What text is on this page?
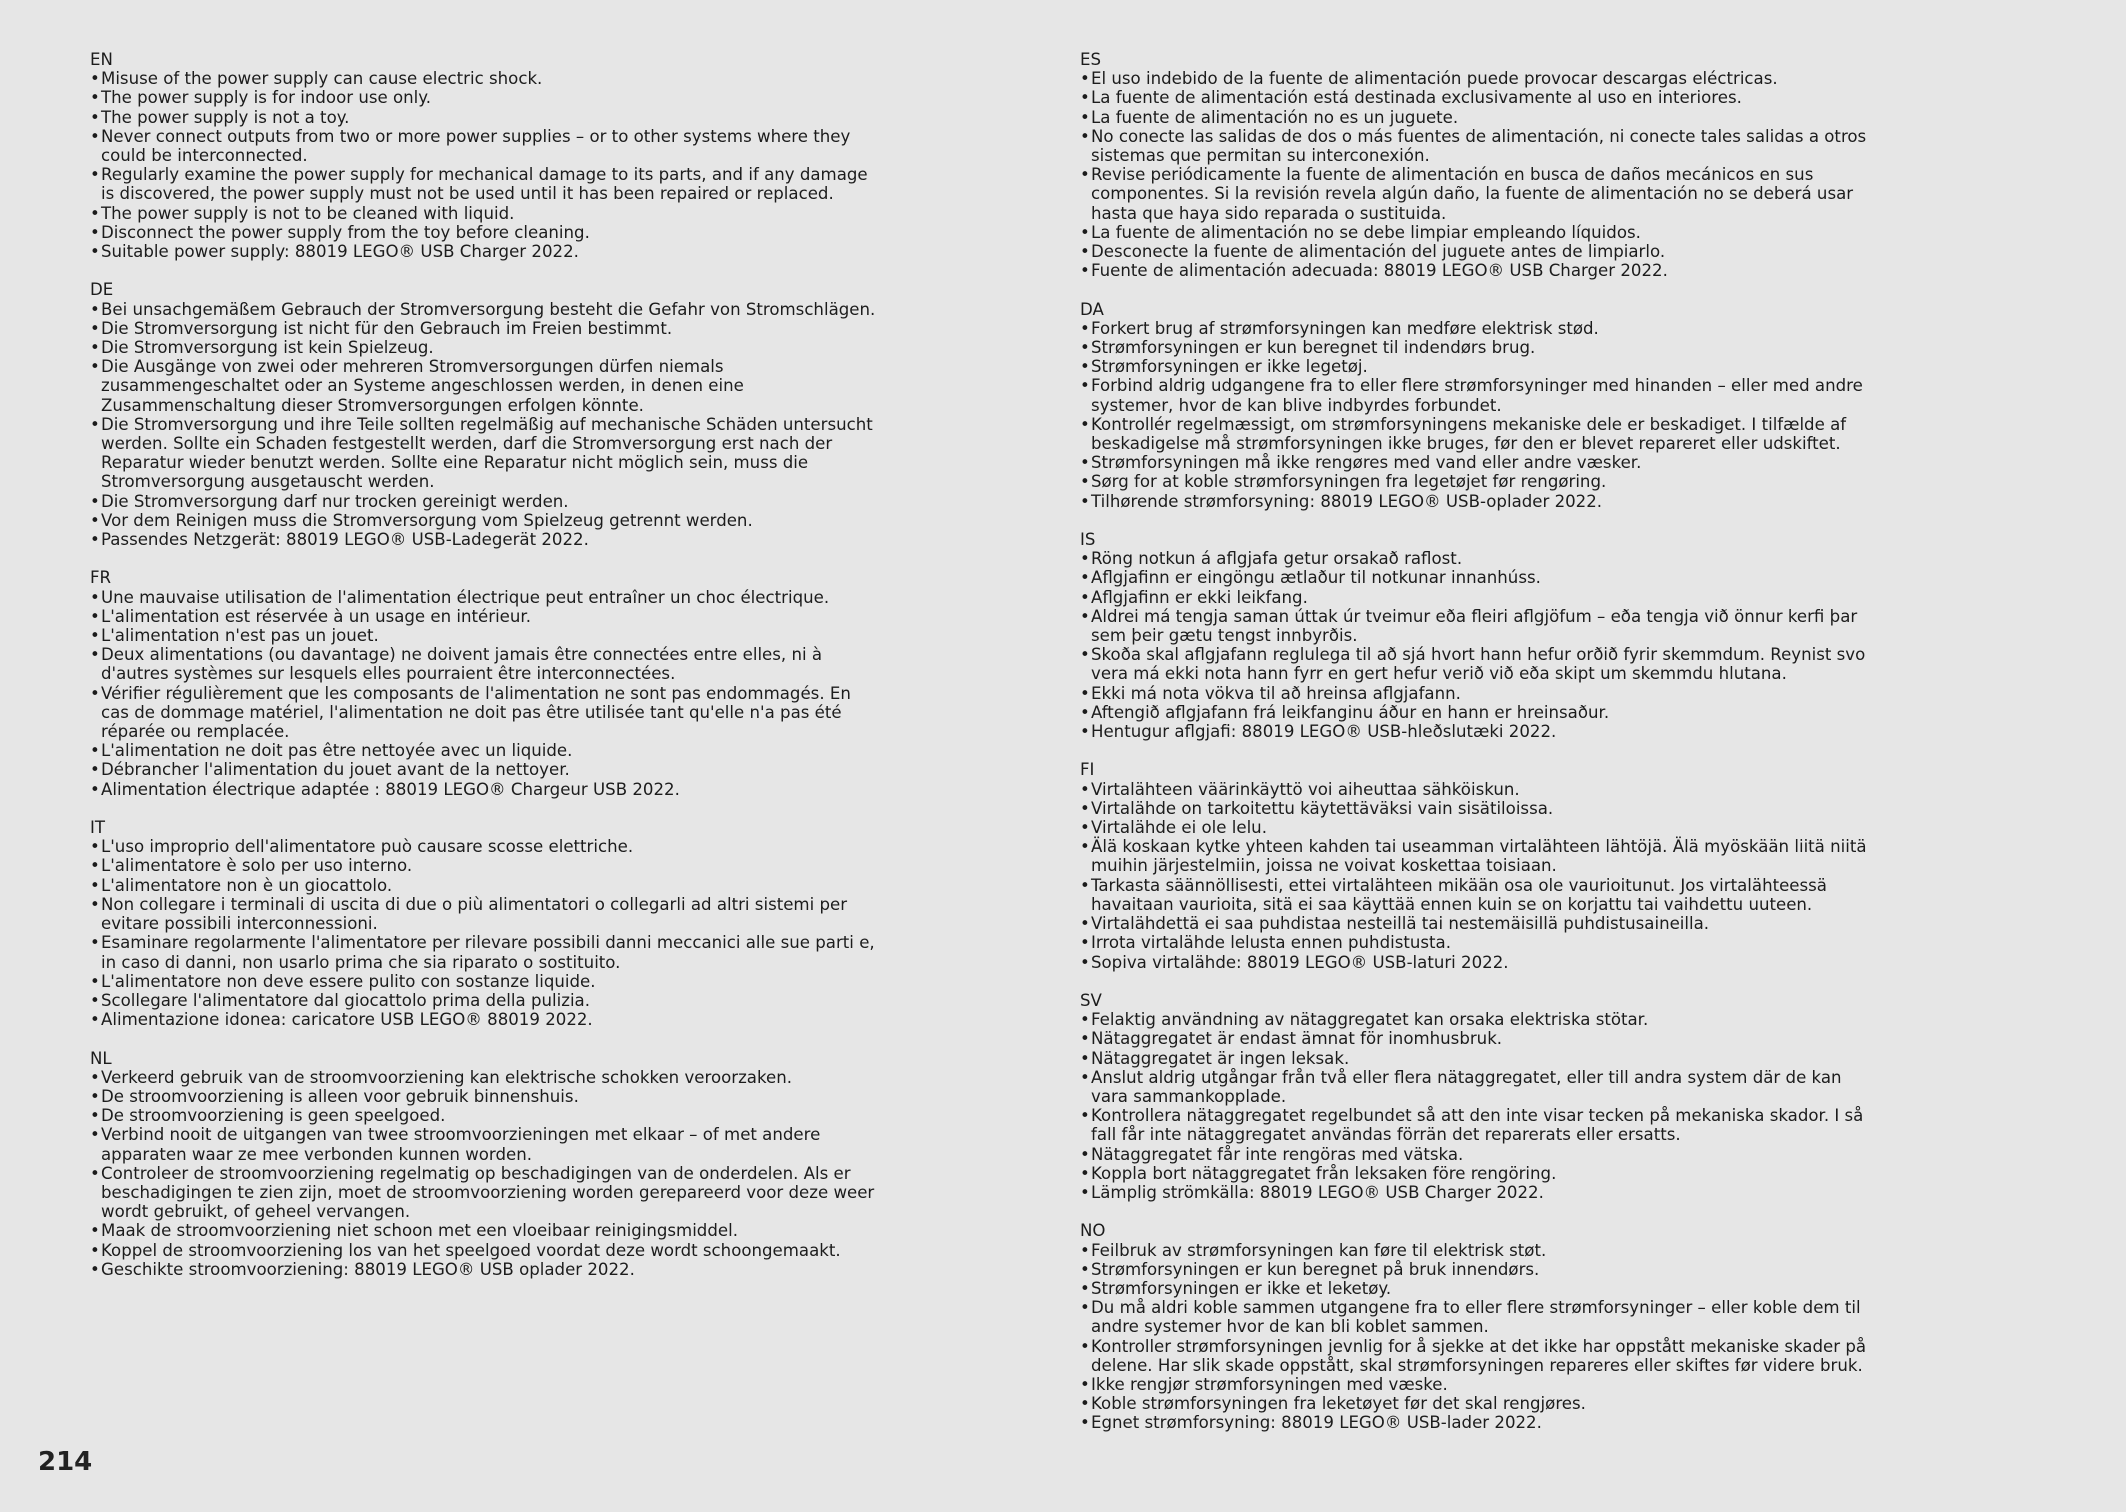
EN
• Misuse of the power supply can cause electric shock.
• The power supply is for indoor use only.
• The power supply is not a toy.
• Never connect outputs from two or more power supplies – or to other systems where they could be interconnected.
• Regularly examine the power supply for mechanical damage to its parts, and if any damage is discovered, the power supply must not be used until it has been repaired or replaced.
• The power supply is not to be cleaned with liquid.
• Disconnect the power supply from the toy before cleaning.
• Suitable power supply: 88019 LEGO® USB Charger 2022.
DE
• Bei unsachgemäßem Gebrauch der Stromversorgung besteht die Gefahr von Stromschlägen.
• Die Stromversorgung ist nicht für den Gebrauch im Freien bestimmt.
• Die Stromversorgung ist kein Spielzeug.
• Die Ausgänge von zwei oder mehreren Stromversorgungen dürfen niemals zusammengeschaltet oder an Systeme angeschlossen werden, in denen eine Zusammenschaltung dieser Stromversorgungen erfolgen könnte.
• Die Stromversorgung und ihre Teile sollten regelmäßig auf mechanische Schäden untersucht werden. Sollte ein Schaden festgestellt werden, darf die Stromversorgung erst nach der Reparatur wieder benutzt werden. Sollte eine Reparatur nicht möglich sein, muss die Stromversorgung ausgetauscht werden.
• Die Stromversorgung darf nur trocken gereinigt werden.
• Vor dem Reinigen muss die Stromversorgung vom Spielzeug getrennt werden.
• Passendes Netzgerät: 88019 LEGO® USB-Ladegerät 2022.
FR
• Une mauvaise utilisation de l'alimentation électrique peut entraîner un choc électrique.
• L'alimentation est réservée à un usage en intérieur.
• L'alimentation n'est pas un jouet.
• Deux alimentations (ou davantage) ne doivent jamais être connectées entre elles, ni à d'autres systèmes sur lesquels elles pourraient être interconnectées.
• Vérifier régulièrement que les composants de l'alimentation ne sont pas endommagés. En cas de dommage matériel, l'alimentation ne doit pas être utilisée tant qu'elle n'a pas été réparée ou remplacée.
• L'alimentation ne doit pas être nettoyée avec un liquide.
• Débrancher l'alimentation du jouet avant de la nettoyer.
• Alimentation électrique adaptée : 88019 LEGO® Chargeur USB 2022.
IT
• L'uso improprio dell'alimentatore può causare scosse elettriche.
• L'alimentatore è solo per uso interno.
• L'alimentatore non è un giocattolo.
• Non collegare i terminali di uscita di due o più alimentatori o collegarli ad altri sistemi per evitare possibili interconnessioni.
• Esaminare regolarmente l'alimentatore per rilevare possibili danni meccanici alle sue parti e, in caso di danni, non usarlo prima che sia riparato o sostituito.
• L'alimentatore non deve essere pulito con sostanze liquide.
• Scollegare l'alimentatore dal giocattolo prima della pulizia.
• Alimentazione idonea: caricatore USB LEGO® 88019 2022.
NL
• Verkeerd gebruik van de stroomvoorziening kan elektrische schokken veroorzaken.
• De stroomvoorziening is alleen voor gebruik binnenshuis.
• De stroomvoorziening is geen speelgoed.
• Verbind nooit de uitgangen van twee stroomvoorzieningen met elkaar – of met andere apparaten waar ze mee verbonden kunnen worden.
• Controleer de stroomvoorziening regelmatig op beschadigingen van de onderdelen. Als er beschadigingen te zien zijn, moet de stroomvoorziening worden gerepareerd voor deze weer wordt gebruikt, of geheel vervangen.
• Maak de stroomvoorziening niet schoon met een vloeibaar reinigingsmiddel.
• Koppel de stroomvoorziening los van het speelgoed voordat deze wordt schoongemaakt.
• Geschikte stroomvoorziening: 88019 LEGO® USB oplader 2022.
ES
• El uso indebido de la fuente de alimentación puede provocar descargas eléctricas.
• La fuente de alimentación está destinada exclusivamente al uso en interiores.
• La fuente de alimentación no es un juguete.
• No conecte las salidas de dos o más fuentes de alimentación, ni conecte tales salidas a otros sistemas que permitan su interconexión.
• Revise periódicamente la fuente de alimentación en busca de daños mecánicos en sus componentes. Si la revisión revela algún daño, la fuente de alimentación no se deberá usar hasta que haya sido reparada o sustituida.
• La fuente de alimentación no se debe limpiar empleando líquidos.
• Desconecte la fuente de alimentación del juguete antes de limpiarlo.
• Fuente de alimentación adecuada: 88019 LEGO® USB Charger 2022.
DA
• Forkert brug af strømforsyningen kan medføre elektrisk stød.
• Strømforsyningen er kun beregnet til indendørs brug.
• Strømforsyningen er ikke legetøj.
• Forbind aldrig udgangene fra to eller flere strømforsyninger med hinanden – eller med andre systemer, hvor de kan blive indbyrdes forbundet.
• Kontrollér regelmæssigt, om strømforsyningens mekaniske dele er beskadiget. I tilfælde af beskadigelse må strømforsyningen ikke bruges, før den er blevet repareret eller udskiftet.
• Strømforsyningen må ikke rengøres med vand eller andre væsker.
• Sørg for at koble strømforsyningen fra legetøjet før rengøring.
• Tilhørende strømforsyning: 88019 LEGO® USB-oplader 2022.
IS
• Röng notkun á aflgjafa getur orsakað raflost.
• Aflgjafinn er eingöngu ætlaður til notkunar innanhúss.
• Aflgjafinn er ekki leikfang.
• Aldrei má tengja saman úttak úr tveimur eða fleiri aflgjöfum – eða tengja við önnur kerfi þar sem þeir gætu tengst innbyrðis.
• Skoða skal aflgjafann reglulega til að sjá hvort hann hefur orðið fyrir skemmdum. Reynist svo vera má ekki nota hann fyrr en gert hefur verið við eða skipt um skemmdu hlutana.
• Ekki má nota vökva til að hreinsa aflgjafann.
• Aftengið aflgjafann frá leikfanginu áður en hann er hreinsaður.
• Hentugur aflgjafi: 88019 LEGO® USB-hleðslutæki 2022.
FI
• Virtalähteen väärinkäyttö voi aiheuttaa sähköiskun.
• Virtalähde on tarkoitettu käytettäväksi vain sisätiloissa.
• Virtalähde ei ole lelu.
• Älä koskaan kytke yhteen kahden tai useamman virtalähteen lähtöjä. Älä myöskään liitä niitä muihin järjestelmiin, joissa ne voivat koskettaa toisiaan.
• Tarkasta säännöllisesti, ettei virtalähteen mikään osa ole vaurioitunut. Jos virtalähteessä havaitaan vaurioita, sitä ei saa käyttää ennen kuin se on korjattu tai vaihdettu uuteen.
• Virtalähdettä ei saa puhdistaa nesteillä tai nestemäisillä puhdistusaineilla.
• Irrota virtalähde lelusta ennen puhdistusta.
• Sopiva virtalähde: 88019 LEGO® USB-laturi 2022.
SV
• Felaktig användning av nätaggregatet kan orsaka elektriska stötar.
• Nätaggregatet är endast ämnat för inomhusbruk.
• Nätaggregatet är ingen leksak.
• Anslut aldrig utgångar från två eller flera nätaggregatet, eller till andra system där de kan vara sammankopplade.
• Kontrollera nätaggregatet regelbundet så att den inte visar tecken på mekaniska skador. I så fall får inte nätaggregatet användas förrän det reparerats eller ersatts.
• Nätaggregatet får inte rengöras med vätska.
• Koppla bort nätaggregatet från leksaken före rengöring.
• Lämplig strömkälla: 88019 LEGO® USB Charger 2022.
NO
• Feilbruk av strømforsyningen kan føre til elektrisk støt.
• Strømforsyningen er kun beregnet på bruk innendørs.
• Strømforsyningen er ikke et leketøy.
• Du må aldri koble sammen utgangene fra to eller flere strømforsyninger – eller koble dem til andre systemer hvor de kan bli koblet sammen.
• Kontroller strømforsyningen jevnlig for å sjekke at det ikke har oppstått mekaniske skader på delene. Har slik skade oppstått, skal strømforsyningen repareres eller skiftes før videre bruk.
• Ikke rengjør strømforsyningen med væske.
• Koble strømforsyningen fra leketøyet før det skal rengjøres.
• Egnet strømforsyning: 88019 LEGO® USB-lader 2022.
214
